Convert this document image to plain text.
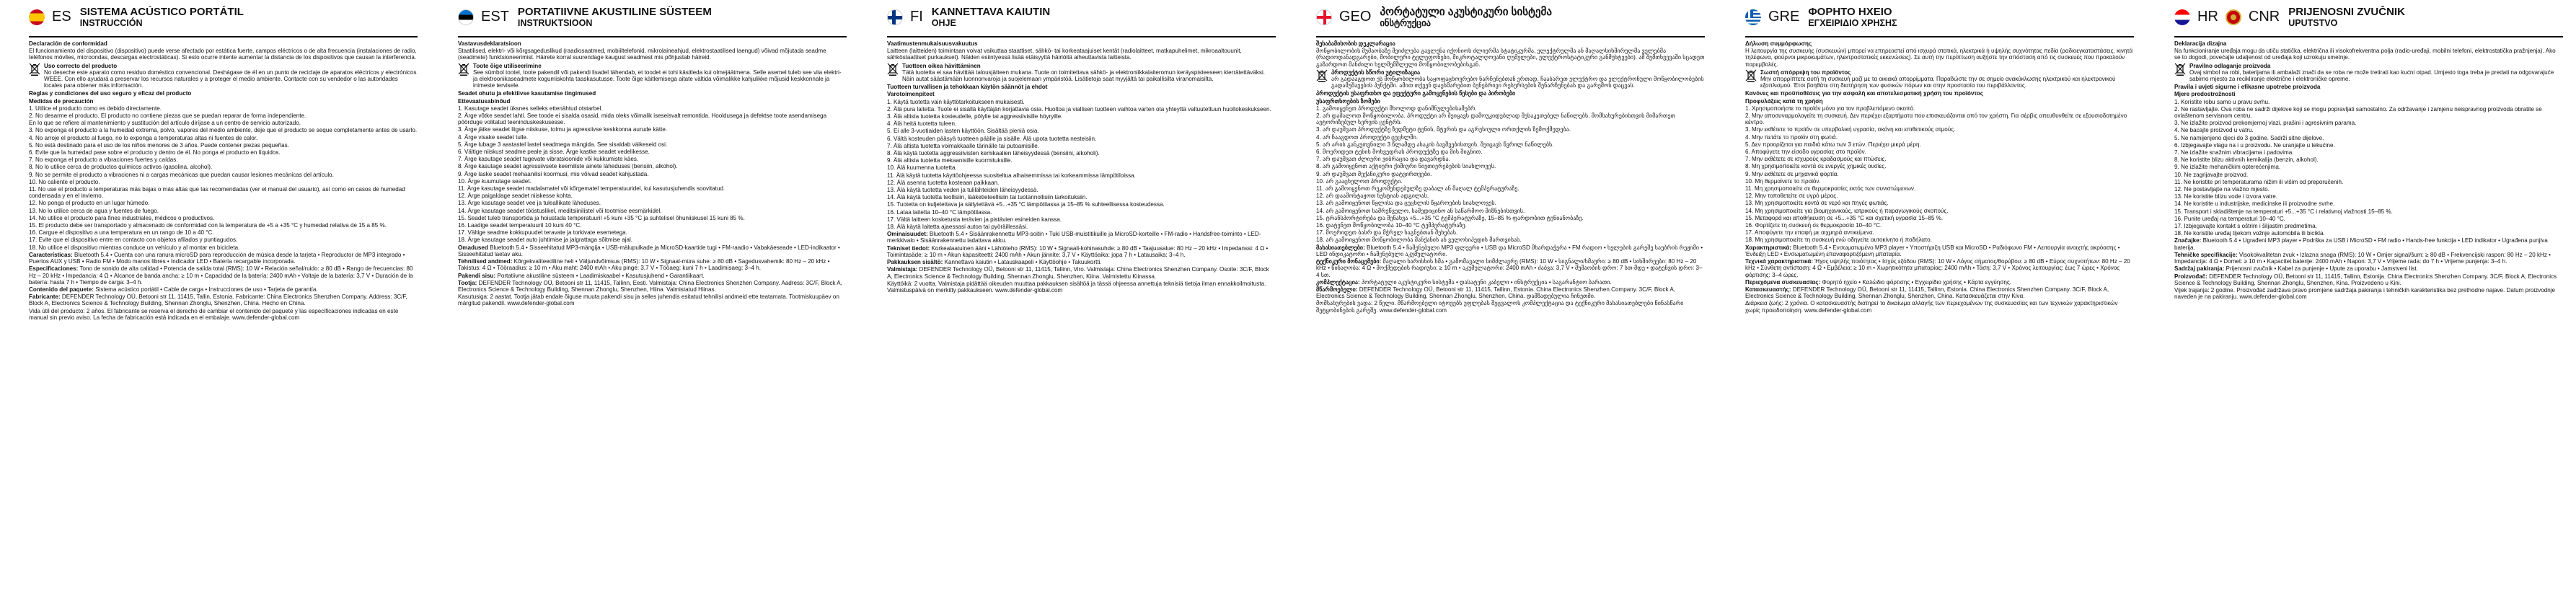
ES SISTEMA ACÚSTICO PORTÁTIL
INSTRUCCIÓN

Declaración de conformidad

El funcionamiento del dispositivo (dispositivo) puede verse afectado por estática fuerte, campos eléctricos o de alta frecuencia (instalaciones de radio, teléfonos móviles, microondas, descargas electrostáticas). Si esto ocurre intente aumentar la distancia de los dispositivos que causan la interferencia.

Uso correcto del producto
No deseche este aparato como residuo doméstico convencional. Deshágase de él en un punto de reciclaje de aparatos eléctricos y electrónicos WEEE. Con ello ayudará a preservar los recursos naturales y a proteger el medio ambiente. Contacte con su vendedor o las autoridades locales para obtener más información.

Reglas y condiciones del uso seguro y eficaz del producto

Medidas de precaución

1. Utilice el producto como es debido directamente.

2. No desarme el producto. El producto no contiene piezas que se puedan reparar de forma independiente.

En lo que se refiere al mantenimiento y sustitución del artículo diríjase a un centro de servicio autorizado.

3. No exponga el producto a la humedad extrema, polvo, vapores del medio ambiente, deje que el producto se seque completamente antes de usarlo.

4. No arroje el producto al fuego, no lo exponga a temperaturas altas ni fuentes de calor.

5. No está destinado para el uso de los niños menores de 3 años. Puede contener piezas pequeñas.

6. Evite que la humedad pase sobre el producto y dentro de él. No ponga el producto en líquidos.

7. No exponga el producto a vibraciones fuertes y caídas.

8. No lo utilice cerca de productos químicos activos (gasolina, alcohol).

9. No se permite el producto a vibraciones ni a cargas mecánicas que puedan causar lesiones mecánicas del artículo.

10. No caliente el producto.

11. No use el producto a temperaturas más bajas o más altas que las recomendadas (ver el manual del usuario), así como en casos de humedad condensada y en el invierno.

12. No ponga el producto en un lugar húmedo.

13. No lo utilice cerca de agua y fuentes de fuego.

14. No utilice el producto para fines industriales, médicos o productivos.

15. El producto debe ser transportado y almacenado de conformidad con la temperatura de +5 a +35 °C y humedad relativa de 15 a 85 %.

16. Cargue el dispositivo a una temperatura en un rango de 10 a 40 °C.

17. Evite que el dispositivo entre en contacto con objetos afilados y puntiagudos.

18. No utilice el dispositivo mientras conduce un vehículo y al montar en bicicleta.

Características: Bluetooth 5.4 • Cuenta con una ranura microSD para reproducción de música desde la tarjeta • Reproductor de MP3 integrado • Puertos AUX y USB • Radio FM • Modo manos libres • Indicador LED • Batería recargable incorporada.

Especificaciones: Tono de sonido de alta calidad • Potencia de salida total (RMS): 10 W • Relación señal/ruido: ≥ 80 dB • Rango de frecuencias: 80 Hz – 20 kHz • Impedancia: 4 Ω • Alcance de banda ancha: ≥ 10 m • Capacidad de la batería: 2400 mAh • Voltaje de la batería: 3,7 V • Duración de la batería: hasta 7 h • Tiempo de carga: 3–4 h.

Contenido del paquete: Sistema acústico portátil • Cable de carga • Instrucciones de uso • Tarjeta de garantía.

Fabricante: DEFENDER Technology OÜ, Betooni str 11, 11415, Tallin, Estonia. Fabricante: China Electronics Shenzhen Company. Address: 3C/F, Block A, Electronics Science & Technology Building, Shennan Zhonglu, Shenzhen, China. Hecho en China.

Vida útil del producto: 2 años. El fabricante se reserva el derecho de cambiar el contenido del paquete y las especificaciones indicadas en este manual sin previo aviso. La fecha de fabricación está indicada en el embalaje. www.defender-global.com

EST PORTATIIVNE AKUSTILINE SÜSTEEM
INSTRUKTSIOON

Vastavusdeklaratsioon

Staatilised, elektri- või kõrgsageduslikud (raadiosaatmed, mobiiltelefonid, mikrolaineahjud, elektrostaatilised laengud) võivad mõjutada seadme (seadmete) funktsioneerimist. Häirete korral suurendage kaugust seadmest mis põhjustab häireid.

Toote õige utiliseerimine
See sümbol tootel, toote pakendil või pakendi lisadel tähendab, et toodet ei tohi käsitleda kui olmejäätmena. Selle asemel tuleb see viia elektri- ja elektroonikaseadmete kogumiskohta taaskasutusse. Toote õige käitlemisega aitate vältida võimalikke kahjulikke mõjusid keskkonnale ja inimeste tervisele.

Seadet ohutu ja efektiivse kasutamise tingimused

Ettevaatusabinõud

1. Kasutage seadet üksnes selleks ettenähtud otstarbel.

2. Ärge võtke seadet lahti. See toode ei sisalda osasid, mida oleks võimalik iseseisvalt remontida. Hooldusega ja defektse toote asendamisega pöörduge volitatud teeninduskeskusesse.

3. Ärge jätke seadet liigse niiskuse, tolmu ja agressiivse keskkonna aurude kätte.

4. Ärge visake seadet tulle.

5. Ärge lubage 3 aastastel lastel seadmega mängida. See sisaldab väikeseid osi.

6. Vältige niiskust seadme peale ja sisse. Ärge kastke seadet vedelikesse.

7. Ärge kasutage seadet tugevate vibratsioonide või kukkumiste käes.

8. Ärge kasutage seadet agressiivsete keemiliste ainete läheduses (bensiin, alkohol).

9. Ärge laske seadet mehaanilisi koormusi, mis võivad seadet kahjustada.

10. Ärge kuumutage seadet.

11. Ärge kasutage seadet madalamatel või kõrgematel temperatuuridel, kui kasutusjuhendis soovitatud.

12. Ärge paigaldage seadet niiskesse kohta.

13. Ärge kasutage seadet vee ja tuleallikate läheduses.

14. Ärge kasutage seadet tööstuslikel, meditsiinilistel või tootmise eesmärkidel.

15. Seadet tuleb transportida ja hoiustada temperatuuril +5 kuni +35 °C ja suhtelisel õhuniiskusel 15 kuni 85 %.

16. Laadige seadet temperatuuril 10 kuni 40 °C.

17. Vältige seadme kokkupuudet teravate ja torkivate esemetega.

18. Ärge kasutage seadet auto juhtimise ja jalgrattaga sõitmise ajal.

Omadused Bluetooth 5.4 • Sisseehitatud MP3-mängija • USB-mälupulkade ja MicroSD-kaartide tugi • FM-raadio • Vabakäeseade • LED-indikaator • Sisseehitatud laetav aku.

Tehnilised andmed: Kõrgekvaliteediline heli • Väljundvõimsus (RMS): 10 W • Signaal-müra suhe: ≥ 80 dB • Sagedusvahemik: 80 Hz – 20 kHz • Takistus: 4 Ω • Tööraadius: ≥ 10 m • Aku maht: 2400 mAh • Aku pinge: 3,7 V • Tööaeg: kuni 7 h • Laadimisaeg: 3–4 h.

Pakendi sisu: Portatiivne akustiline süsteem • Laadimiskaabel • Kasutusjuhend • Garantiikaart.

Tootja: DEFENDER Technology OÜ, Betooni str 11, 11415, Tallinn, Eesti. Valmistaja: China Electronics Shenzhen Company. Aadress: 3C/F, Block A, Electronics Science & Technology Building, Shennan Zhonglu, Shenzhen, Hiina. Valmistatud Hiinas.

Kasutusiga: 2 aastat. Tootja jätab endale õiguse muuta pakendi sisu ja selles juhendis esitatud tehnilisi andmeid ette teatamata. Tootmiskuupäev on märgitud pakendil. www.defender-global.com

FI KANNETTAVA KAIUTIN
OHJE

Vaatimustenmukaisuusvakuutus

Laitteen (laitteiden) toimintaan voivat vaikuttaa staattiset, sähkö- tai korkeataajuiset kentät (radiolaitteet, matkapuhelimet, mikroaaltouunit, sähköstaattiset purkaukset). Näiden esiintyessä lisää etäisyyttä häiriöitä aiheuttavista laitteista.

Tuotteen oikea hävittäminen
Tätä tuotetta ei saa hävittää talousjätteen mukana. Tuote on toimitettava sähkö- ja elektroniikkalaiteromun keräyspisteeseen kierrätettäväksi. Näin autat säästämään luonnonvaroja ja suojelemaan ympäristöä. Lisätietoja saat myyjältä tai paikallisilta viranomaisilta.

Tuotteen turvallisen ja tehokkaan käytön säännöt ja ehdot

Varotoimenpiteet

1. Käytä tuotetta vain käyttötarkoitukseen mukaisesti.

2. Älä pura laitetta. Tuote ei sisällä käyttäjän korjattavia osia. Huoltoa ja viallisen tuotteen vaihtoa varten ota yhteyttä valtuutettuun huoltokeskukseen.

3. Älä altista tuotetta kosteudelle, pölylle tai aggressiivisille höyryille.

4. Älä heitä tuotetta tuleen.

5. Ei alle 3-vuotiaiden lasten käyttöön. Sisältää pieniä osia.

6. Vältä kosteuden pääsyä tuotteen päälle ja sisälle. Älä upota tuotetta nesteisiin.

7. Älä altista tuotetta voimakkaalle tärinälle tai putoamisille.

8. Älä käytä tuotetta aggressiivisten kemikaalien läheisyydessä (bensiini, alkoholi).

9. Älä altista tuotetta mekaanisille kuormituksille.

10. Älä kuumenna tuotetta.

11. Älä käytä tuotetta käyttöohjeessa suositeltua alhaisemmissa tai korkeammissa lämpötiloissa.

12. Älä asenna tuotetta kosteaan paikkaan.

13. Älä käytä tuotetta veden ja tulilähteiden läheisyydessä.

14. Älä käytä tuotetta teollisiin, lääketieteellisiin tai tuotannollisiin tarkoituksiin.

15. Tuotetta on kuljetettava ja säilytettävä +5...+35 °C lämpötilassa ja 15–85 % suhteellisessa kosteudessa.

16. Lataa laitetta 10–40 °C lämpötilassa.

17. Vältä laitteen kosketusta terävien ja pistävien esineiden kanssa.

18. Älä käytä laitetta ajaessasi autoa tai pyöräillessäsi.

Ominaisuudet: Bluetooth 5.4 • Sisäänrakennettu MP3-soitin • Tuki USB-muistitikuille ja MicroSD-korteille • FM-radio • Handsfree-toiminto • LED-merkkivalo • Sisäänrakennettu ladattava akku.

Tekniset tiedot: Korkealaatuinen ääni • Lähtöteho (RMS): 10 W • Signaali-kohinasuhde: ≥ 80 dB • Taajuusalue: 80 Hz – 20 kHz • Impedanssi: 4 Ω • Toimintasäde: ≥ 10 m • Akun kapasiteetti: 2400 mAh • Akun jännite: 3,7 V • Käyttöaika: jopa 7 h • Latausaika: 3–4 h.

Pakkauksen sisältö: Kannettava kaiutin • Latauskaapeli • Käyttöohje • Takuukortti.

Valmistaja: DEFENDER Technology OÜ, Betooni str 11, 11415, Tallinn, Viro. Valmistaja: China Electronics Shenzhen Company. Osoite: 3C/F, Block A, Electronics Science & Technology Building, Shennan Zhonglu, Shenzhen, Kiina. Valmistettu Kiinassa.

Käyttöikä: 2 vuotta. Valmistaja pidättää oikeuden muuttaa pakkauksen sisältöä ja tässä ohjeessa annettuja teknisiä tietoja ilman ennakkoilmoitusta. Valmistuspäivä on merkitty pakkaukseen. www.defender-global.com

GEO პორტატული აკუსტიკური სისტემა
ინსტრუქცია

შესაბამისობის დეკლარაცია

მოწყობილობის მუშაობაზე შეიძლება გავლენა იქონიოს ძლიერმა სტატიკურმა, ელექტრულმა ან მაღალსიხშირულმა ველებმა (რადიოდანადგარები, მობილური ტელეფონები, მიკროტალღოვანი ღუმელები, ელექტროსტატიკური განმუხტვები). ამ შემთხვევაში სცადეთ გაზარდოთ მანძილი ხელშემშლელი მოწყობილობებისგან.

პროდუქტის სწორი უტილიზაცია
არ გადააგდოთ ეს მოწყობილობა საყოფაცხოვრებო ნარჩენებთან ერთად. ჩააბარეთ ელექტრო და ელექტრონული მოწყობილობების გადამუშავების პუნქტში. ამით თქვენ დაეხმარებით ბუნებრივი რესურსების შენარჩუნებას და გარემოს დაცვას.

პროდუქტის უსაფრთხო და ეფექტური გამოყენების წესები და პირობები

უსაფრთხოების ზომები

1. გამოიყენეთ პროდუქტი მხოლოდ დანიშნულებისამებრ.

2. არ დაშალოთ მოწყობილობა. პროდუქტი არ შეიცავს დამოუკიდებლად შესაკეთებელ ნაწილებს. მომსახურებისთვის მიმართეთ ავტორიზებულ სერვის ცენტრს.

3. არ დაუშვათ პროდუქტზე ზედმეტი ტენის, მტვრის და აგრესიული ორთქლის ზემოქმედება.

4. არ ჩააგდოთ პროდუქტი ცეცხლში.

5. არ არის განკუთვნილი 3 წლამდე ასაკის ბავშვებისთვის. შეიცავს წვრილ ნაწილებს.

6. მოერიდეთ ტენის მოხვედრას პროდუქტზე და მის შიგნით.

7. არ დაუშვათ ძლიერი ვიბრაცია და დავარდნა.

8. არ გამოიყენოთ აქტიური ქიმიური ნივთიერებების სიახლოვეს.

9. არ დაუშვათ მექანიკური დატვირთვები.

10. არ გააცხელოთ პროდუქტი.

11. არ გამოიყენოთ რეკომენდებულზე დაბალ ან მაღალ ტემპერატურაზე.

12. არ დაამონტაჟოთ ნესტიან ადგილას.

13. არ გამოიყენოთ წყლისა და ცეცხლის წყაროების სიახლოვეს.

14. არ გამოიყენოთ სამრეწველო, სამედიცინო ან საწარმოო მიზნებისთვის.

15. ტრანსპორტირება და შენახვა +5...+35 °C ტემპერატურაზე, 15–85 % ფარდობით ტენიანობაზე.

16. დატენეთ მოწყობილობა 10–40 °C ტემპერატურაზე.

17. მოერიდეთ ბასრ და მჭრელ საგნებთან შეხებას.

18. არ გამოიყენოთ მოწყობილობა მანქანის ან ველოსიპედის მართვისას.

მახასიათებლები: Bluetooth 5.4 • ჩაშენებული MP3 ფლეერი • USB და MicroSD მხარდაჭერა • FM რადიო • ხელების გარეშე საუბრის რეჟიმი • LED ინდიკატორი • ჩაშენებული აკუმულატორი.

ტექნიკური მონაცემები: მაღალი ხარისხის ხმა • გამომავალი სიმძლავრე (RMS): 10 W • სიგნალი/ხმაური: ≥ 80 dB • სიხშირეები: 80 Hz – 20 kHz • წინაღობა: 4 Ω • მოქმედების რადიუსი: ≥ 10 m • აკუმულატორი: 2400 mAh • ძაბვა: 3,7 V • მუშაობის დრო: 7 სთ-მდე • დატენვის დრო: 3–4 სთ.

კომპლექტაცია: პორტატული აკუსტიკური სისტემა • დასატენი კაბელი • ინსტრუქცია • საგარანტიო ბარათი.

მწარმოებელი: DEFENDER Technology OÜ, Betooni str 11, 11415, Tallinn, Estonia. China Electronics Shenzhen Company. 3C/F, Block A, Electronics Science & Technology Building, Shennan Zhonglu, Shenzhen, China. დამზადებულია ჩინეთში.

მომსახურების ვადა: 2 წელი. მწარმოებელი იტოვებს უფლებას შეცვალოს კომპლექტაცია და ტექნიკური მახასიათებლები წინასწარი შეტყობინების გარეშე. www.defender-global.com

GRE ΦΟΡΗΤΟ ΗΧΕΙΟ
ΕΓΧΕΙΡΙΔΙΟ ΧΡΗΣΗΣ

Δήλωση συμμόρφωσης

Η λειτουργία της συσκευής (συσκευών) μπορεί να επηρεαστεί από ισχυρά στατικά, ηλεκτρικά ή υψηλής συχνότητας πεδία (ραδιοεγκαταστάσεις, κινητά τηλέφωνα, φούρνοι μικροκυμάτων, ηλεκτροστατικές εκκενώσεις). Σε αυτή την περίπτωση αυξήστε την απόσταση από τις συσκευές που προκαλούν παρεμβολές.

Σωστή απόρριψη του προϊόντος
Μην απορρίπτετε αυτή τη συσκευή μαζί με τα οικιακά απορρίμματα. Παραδώστε την σε σημείο ανακύκλωσης ηλεκτρικού και ηλεκτρονικού εξοπλισμού. Έτσι βοηθάτε στη διατήρηση των φυσικών πόρων και στην προστασία του περιβάλλοντος.

Κανόνες και προϋποθέσεις για την ασφαλή και αποτελεσματική χρήση του προϊόντος

Προφυλάξεις κατά τη χρήση

1. Χρησιμοποιήστε το προϊόν μόνο για τον προβλεπόμενο σκοπό.

2. Μην αποσυναρμολογείτε τη συσκευή. Δεν περιέχει εξαρτήματα που επισκευάζονται από τον χρήστη. Για σέρβις απευθυνθείτε σε εξουσιοδοτημένο κέντρο.

3. Μην εκθέτετε το προϊόν σε υπερβολική υγρασία, σκόνη και επιθετικούς ατμούς.

4. Μην πετάτε το προϊόν στη φωτιά.

5. Δεν προορίζεται για παιδιά κάτω των 3 ετών. Περιέχει μικρά μέρη.

6. Αποφύγετε την είσοδο υγρασίας στο προϊόν.

7. Μην εκθέτετε σε ισχυρούς κραδασμούς και πτώσεις.

8. Μη χρησιμοποιείτε κοντά σε ενεργές χημικές ουσίες.

9. Μην εκθέτετε σε μηχανικά φορτία.

10. Μη θερμαίνετε το προϊόν.

11. Μη χρησιμοποιείτε σε θερμοκρασίες εκτός των συνιστώμενων.

12. Μην τοποθετείτε σε υγρό μέρος.

13. Μη χρησιμοποιείτε κοντά σε νερό και πηγές φωτιάς.

14. Μη χρησιμοποιείτε για βιομηχανικούς, ιατρικούς ή παραγωγικούς σκοπούς.

15. Μεταφορά και αποθήκευση σε +5...+35 °C και σχετική υγρασία 15–85 %.

16. Φορτίζετε τη συσκευή σε θερμοκρασία 10–40 °C.

17. Αποφύγετε την επαφή με αιχμηρά αντικείμενα.

18. Μη χρησιμοποιείτε τη συσκευή ενώ οδηγείτε αυτοκίνητο ή ποδήλατο.

Χαρακτηριστικά: Bluetooth 5.4 • Ενσωματωμένο MP3 player • Υποστήριξη USB και MicroSD • Ραδιόφωνο FM • Λειτουργία ανοιχτής ακρόασης • Ένδειξη LED • Ενσωματωμένη επαναφορτιζόμενη μπαταρία.

Τεχνικά χαρακτηριστικά: Ήχος υψηλής ποιότητας • Ισχύς εξόδου (RMS): 10 W • Λόγος σήματος/θορύβου: ≥ 80 dB • Εύρος συχνοτήτων: 80 Hz – 20 kHz • Σύνθετη αντίσταση: 4 Ω • Εμβέλεια: ≥ 10 m • Χωρητικότητα μπαταρίας: 2400 mAh • Τάση: 3,7 V • Χρόνος λειτουργίας: έως 7 ώρες • Χρόνος φόρτισης: 3–4 ώρες.

Περιεχόμενα συσκευασίας: Φορητό ηχείο • Καλώδιο φόρτισης • Εγχειρίδιο χρήσης • Κάρτα εγγύησης.

Κατασκευαστής: DEFENDER Technology OÜ, Betooni str 11, 11415, Tallinn, Estonia. China Electronics Shenzhen Company. 3C/F, Block A, Electronics Science & Technology Building, Shennan Zhonglu, Shenzhen, China. Κατασκευάζεται στην Κίνα.

Διάρκεια ζωής: 2 χρόνια. Ο κατασκευαστής διατηρεί το δικαίωμα αλλαγής των περιεχομένων της συσκευασίας και των τεχνικών χαρακτηριστικών χωρίς προειδοποίηση. www.defender-global.com

HR CNR PRIJENOSNI ZVUČNIK
UPUTSTVO

Deklaracija dizajna

Na funkcioniranje uređaja mogu da utiču statička, električna ili visokofrekventna polja (radio-uređaji, mobilni telefoni, elektrostatička pražnjenja). Ako se to dogodi, povećajte udaljenost od uređaja koji uzrokuju smetnje.

Pravilno odlaganje proizvoda
Ovaj simbol na robi, baterijama ili ambalaži znači da se roba ne može tretirati kao kućni otpad. Umjesto toga treba je predati na odgovarajuće sabirno mjesto za recikliranje električne i elektroničke opreme.

Pravila i uvjeti sigurne i efikasne upotrebe proizvoda

Mjere predostrožnosti

1. Koristite robu samo u pravu svrhu.

2. Ne rastavljajte. Ova roba ne sadrži dijelove koji se mogu popravljati samostalno. Za održavanje i zamjenu neispravnog proizvoda obratite se ovlaštenom servisnom centru.

3. Ne izlažite proizvod prekomjernoj vlazi, prašini i agresivnim parama.

4. Ne bacajte proizvod u vatru.

5. Ne namijenjeno djeci do 3 godine. Sadrži sitne dijelove.

6. Izbjegavajte vlagu na i u proizvodu. Ne uranjajte u tekućine.

7. Ne izlažite snažnim vibracijama i padovima.

8. Ne koristite blizu aktivnih kemikalija (benzin, alkohol).

9. Ne izlažite mehaničkim opterećenjima.

10. Ne zagrijavajte proizvod.

11. Ne koristite pri temperaturama nižim ili višim od preporučenih.

12. Ne postavljajte na vlažno mjesto.

13. Ne koristite blizu vode i izvora vatre.

14. Ne koristite u industrijske, medicinske ili proizvodne svrhe.

15. Transport i skladištenje na temperaturi +5...+35 °C i relativnoj vlažnosti 15–85 %.

16. Punite uređaj na temperaturi 10–40 °C.

17. Izbjegavajte kontakt s oštrim i šiljastim predmetima.

18. Ne koristite uređaj tijekom vožnje automobila ili bicikla.

Značajke: Bluetooth 5.4 • Ugrađeni MP3 player • Podrška za USB i MicroSD • FM radio • Hands-free funkcija • LED indikator • Ugrađena punjiva baterija.

Tehničke specifikacije: Visokokvalitetan zvuk • Izlazna snaga (RMS): 10 W • Omjer signal/šum: ≥ 80 dB • Frekvencijski raspon: 80 Hz – 20 kHz • Impedancija: 4 Ω • Domet: ≥ 10 m • Kapacitet baterije: 2400 mAh • Napon: 3,7 V • Vrijeme rada: do 7 h • Vrijeme punjenja: 3–4 h.

Sadržaj pakiranja: Prijenosni zvučnik • Kabel za punjenje • Upute za uporabu • Jamstveni list.

Proizvođač: DEFENDER Technology OÜ, Betooni str 11, 11415, Tallinn, Estonija. China Electronics Shenzhen Company. 3C/F, Block A, Electronics Science & Technology Building, Shennan Zhonglu, Shenzhen, Kina. Proizvedeno u Kini.

Vijek trajanja: 2 godine. Proizvođač zadržava pravo promjene sadržaja pakiranja i tehničkih karakteristika bez prethodne najave. Datum proizvodnje naveden je na pakiranju. www.defender-global.com
